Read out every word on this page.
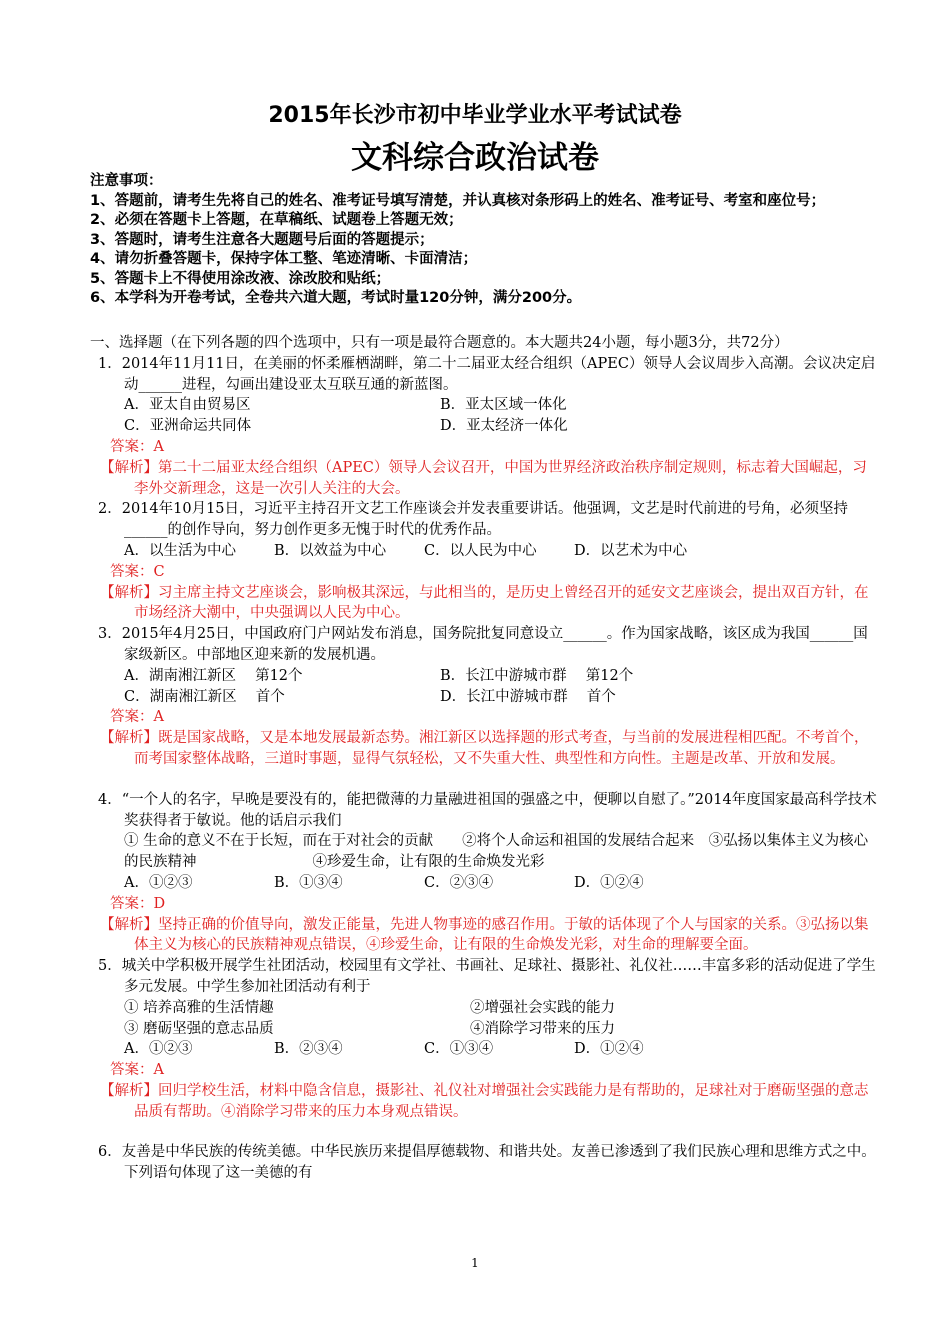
2015年长沙市初中毕业学业水平考试试卷
文科综合政治试卷
注意事项：
1、答题前，请考生先将自己的姓名、准考证号填写清楚，并认真核对条形码上的姓名、准考证号、考室和座位号；
2、必须在答题卡上答题，在草稿纸、试题卷上答题无效；
3、答题时，请考生注意各大题题号后面的答题提示；
4、请勿折叠答题卡，保持字体工整、笔迹清晰、卡面清洁；
5、答题卡上不得使用涂改液、涂改胶和贴纸；
6、本学科为开卷考试，全卷共六道大题，考试时量120分钟，满分200分。
一、选择题（在下列各题的四个选项中，只有一项是最符合题意的。本大题共24小题，每小题3分，共72分）
1．2014年11月11日，在美丽的怀柔雁栖湖畔，第二十二届亚太经合组织（APEC）领导人会议周步入高潮。会议决定启动______进程，勾画出建设亚太互联互通的新蓝图。
A．亚太自由贸易区	B．亚太区域一体化
C．亚洲命运共同体	D．亚太经济一体化
答案：A
【解析】第二十二届亚太经合组织（APEC）领导人会议召开，中国为世界经济政治秩序制定规则，标志着大国崛起，习李外交新理念，这是一次引人关注的大会。
2．2014年10月15日，习近平主持召开文艺工作座谈会并发表重要讲话。他强调，文艺是时代前进的号角，必须坚持______的创作导向，努力创作更多无愧于时代的优秀作品。
A．以生活为中心	B．以效益为中心	C．以人民为中心	D．以艺术为中心
答案：C
【解析】习主席主持文艺座谈会，影响极其深远，与此相当的，是历史上曾经召开的延安文艺座谈会，提出双百方针，在市场经济大潮中，中央强调以人民为中心。
3．2015年4月25日，中国政府门户网站发布消息，国务院批复同意设立______。作为国家战略，该区成为我国______国家级新区。中部地区迎来新的发展机遇。
A．湖南湘江新区　 第12个	B．长江中游城市群　 第12个
C．湖南湘江新区　 首个	D．长江中游城市群　 首个
答案：A
【解析】既是国家战略，又是本地发展最新态势。湘江新区以选择题的形式考查，与当前的发展进程相匹配。不考首个，而考国家整体战略，三道时事题，显得气氛轻松，又不失重大性、典型性和方向性。主题是改革、开放和发展。
4．“一个人的名字，早晚是要没有的，能把微薄的力量融进祖国的强盛之中，便聊以自慰了。”2014年度国家最高科学技术奖获得者于敏说。他的话启示我们
① 生命的意义不在于长短，而在于对社会的贡献　　②将个人命运和祖国的发展结合起来　③弘扬以集体主义为核心的民族精神　　　　　　　　④珍爱生命，让有限的生命焕发光彩
A．①②③	B．①③④	C．②③④	D．①②④
答案：D
【解析】坚持正确的价值导向，激发正能量，先进人物事迹的感召作用。于敏的话体现了个人与国家的关系。③弘扬以集体主义为核心的民族精神观点错误，④珍爱生命，让有限的生命焕发光彩，对生命的理解要全面。
5．城关中学积极开展学生社团活动，校园里有文学社、书画社、足球社、摄影社、礼仪社……丰富多彩的活动促进了学生多元发展。中学生参加社团活动有利于
① 培养高雅的生活情趣	②增强社会实践的能力
③ 磨砺坚强的意志品质	④消除学习带来的压力
A．①②③	B．②③④	C．①③④	D．①②④
答案：A
【解析】回归学校生活，材料中隐含信息，摄影社、礼仪社对增强社会实践能力是有帮助的，足球社对于磨砺坚强的意志品质有帮助。④消除学习带来的压力本身观点错误。
6．友善是中华民族的传统美德。中华民族历来提倡厚德载物、和谐共处。友善已渗透到了我们民族心理和思维方式之中。下列语句体现了这一美德的有
1
